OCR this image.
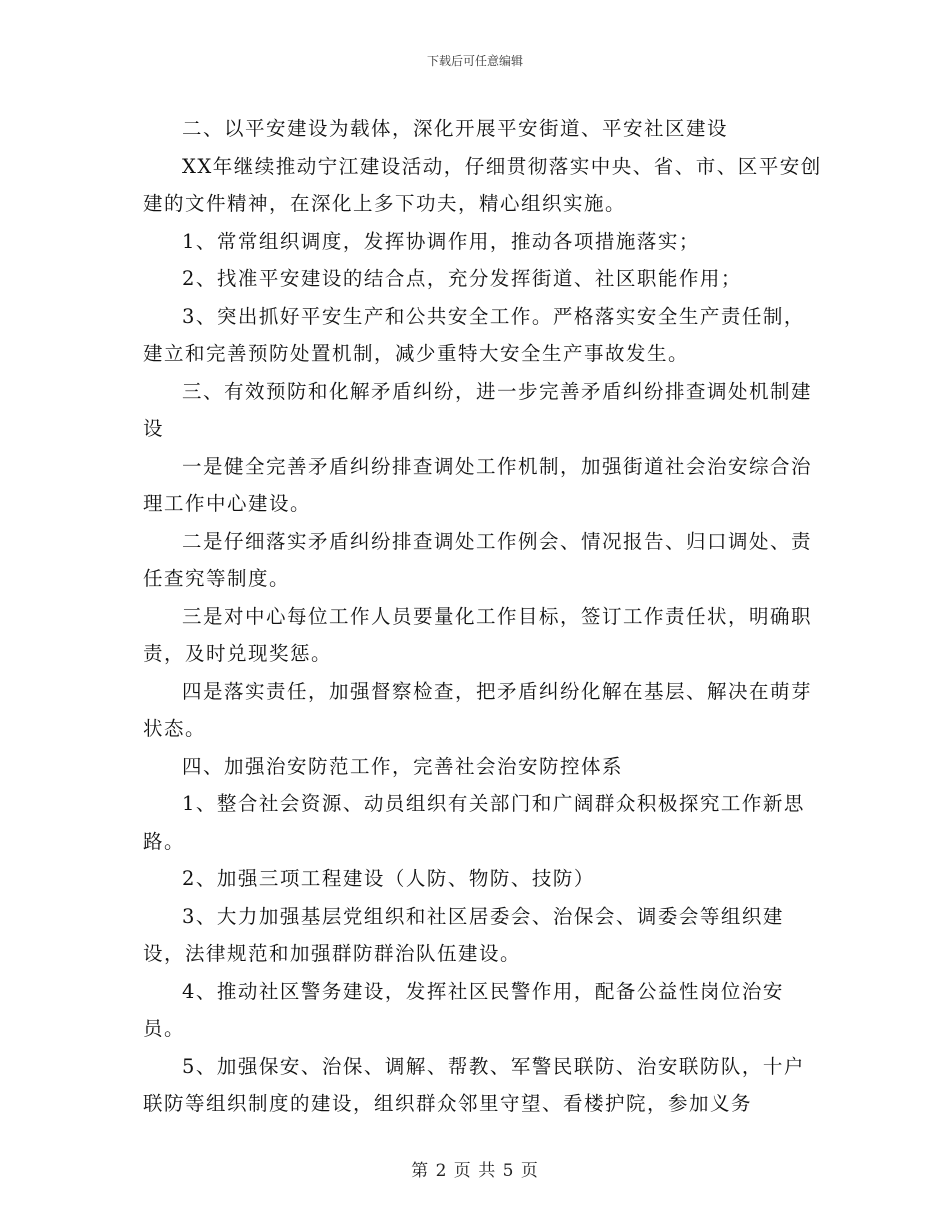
下载后可任意编辑

二、以平安建设为载体，深化开展平安街道、平安社区建设

XX年继续推动宁江建设活动，仔细贯彻落实中央、省、市、区平安创建的文件精神，在深化上多下功夫，精心组织实施。

1、常常组织调度，发挥协调作用，推动各项措施落实；

2、找准平安建设的结合点，充分发挥街道、社区职能作用；

3、突出抓好平安生产和公共安全工作。严格落实安全生产责任制，建立和完善预防处置机制，减少重特大安全生产事故发生。

三、有效预防和化解矛盾纠纷，进一步完善矛盾纠纷排查调处机制建设

一是健全完善矛盾纠纷排查调处工作机制，加强街道社会治安综合治理工作中心建设。

二是仔细落实矛盾纠纷排查调处工作例会、情况报告、归口调处、责任查究等制度。

三是对中心每位工作人员要量化工作目标，签订工作责任状，明确职责，及时兑现奖惩。

四是落实责任，加强督察检查，把矛盾纠纷化解在基层、解决在萌芽状态。

四、加强治安防范工作，完善社会治安防控体系

1、整合社会资源、动员组织有关部门和广阔群众积极探究工作新思路。

2、加强三项工程建设（人防、物防、技防）

3、大力加强基层党组织和社区居委会、治保会、调委会等组织建设，法律规范和加强群防群治队伍建设。

4、推动社区警务建设，发挥社区民警作用，配备公益性岗位治安员。

5、加强保安、治保、调解、帮教、军警民联防、治安联防队，十户联防等组织制度的建设，组织群众邻里守望、看楼护院，参加义务

第 2 页 共 5 页
